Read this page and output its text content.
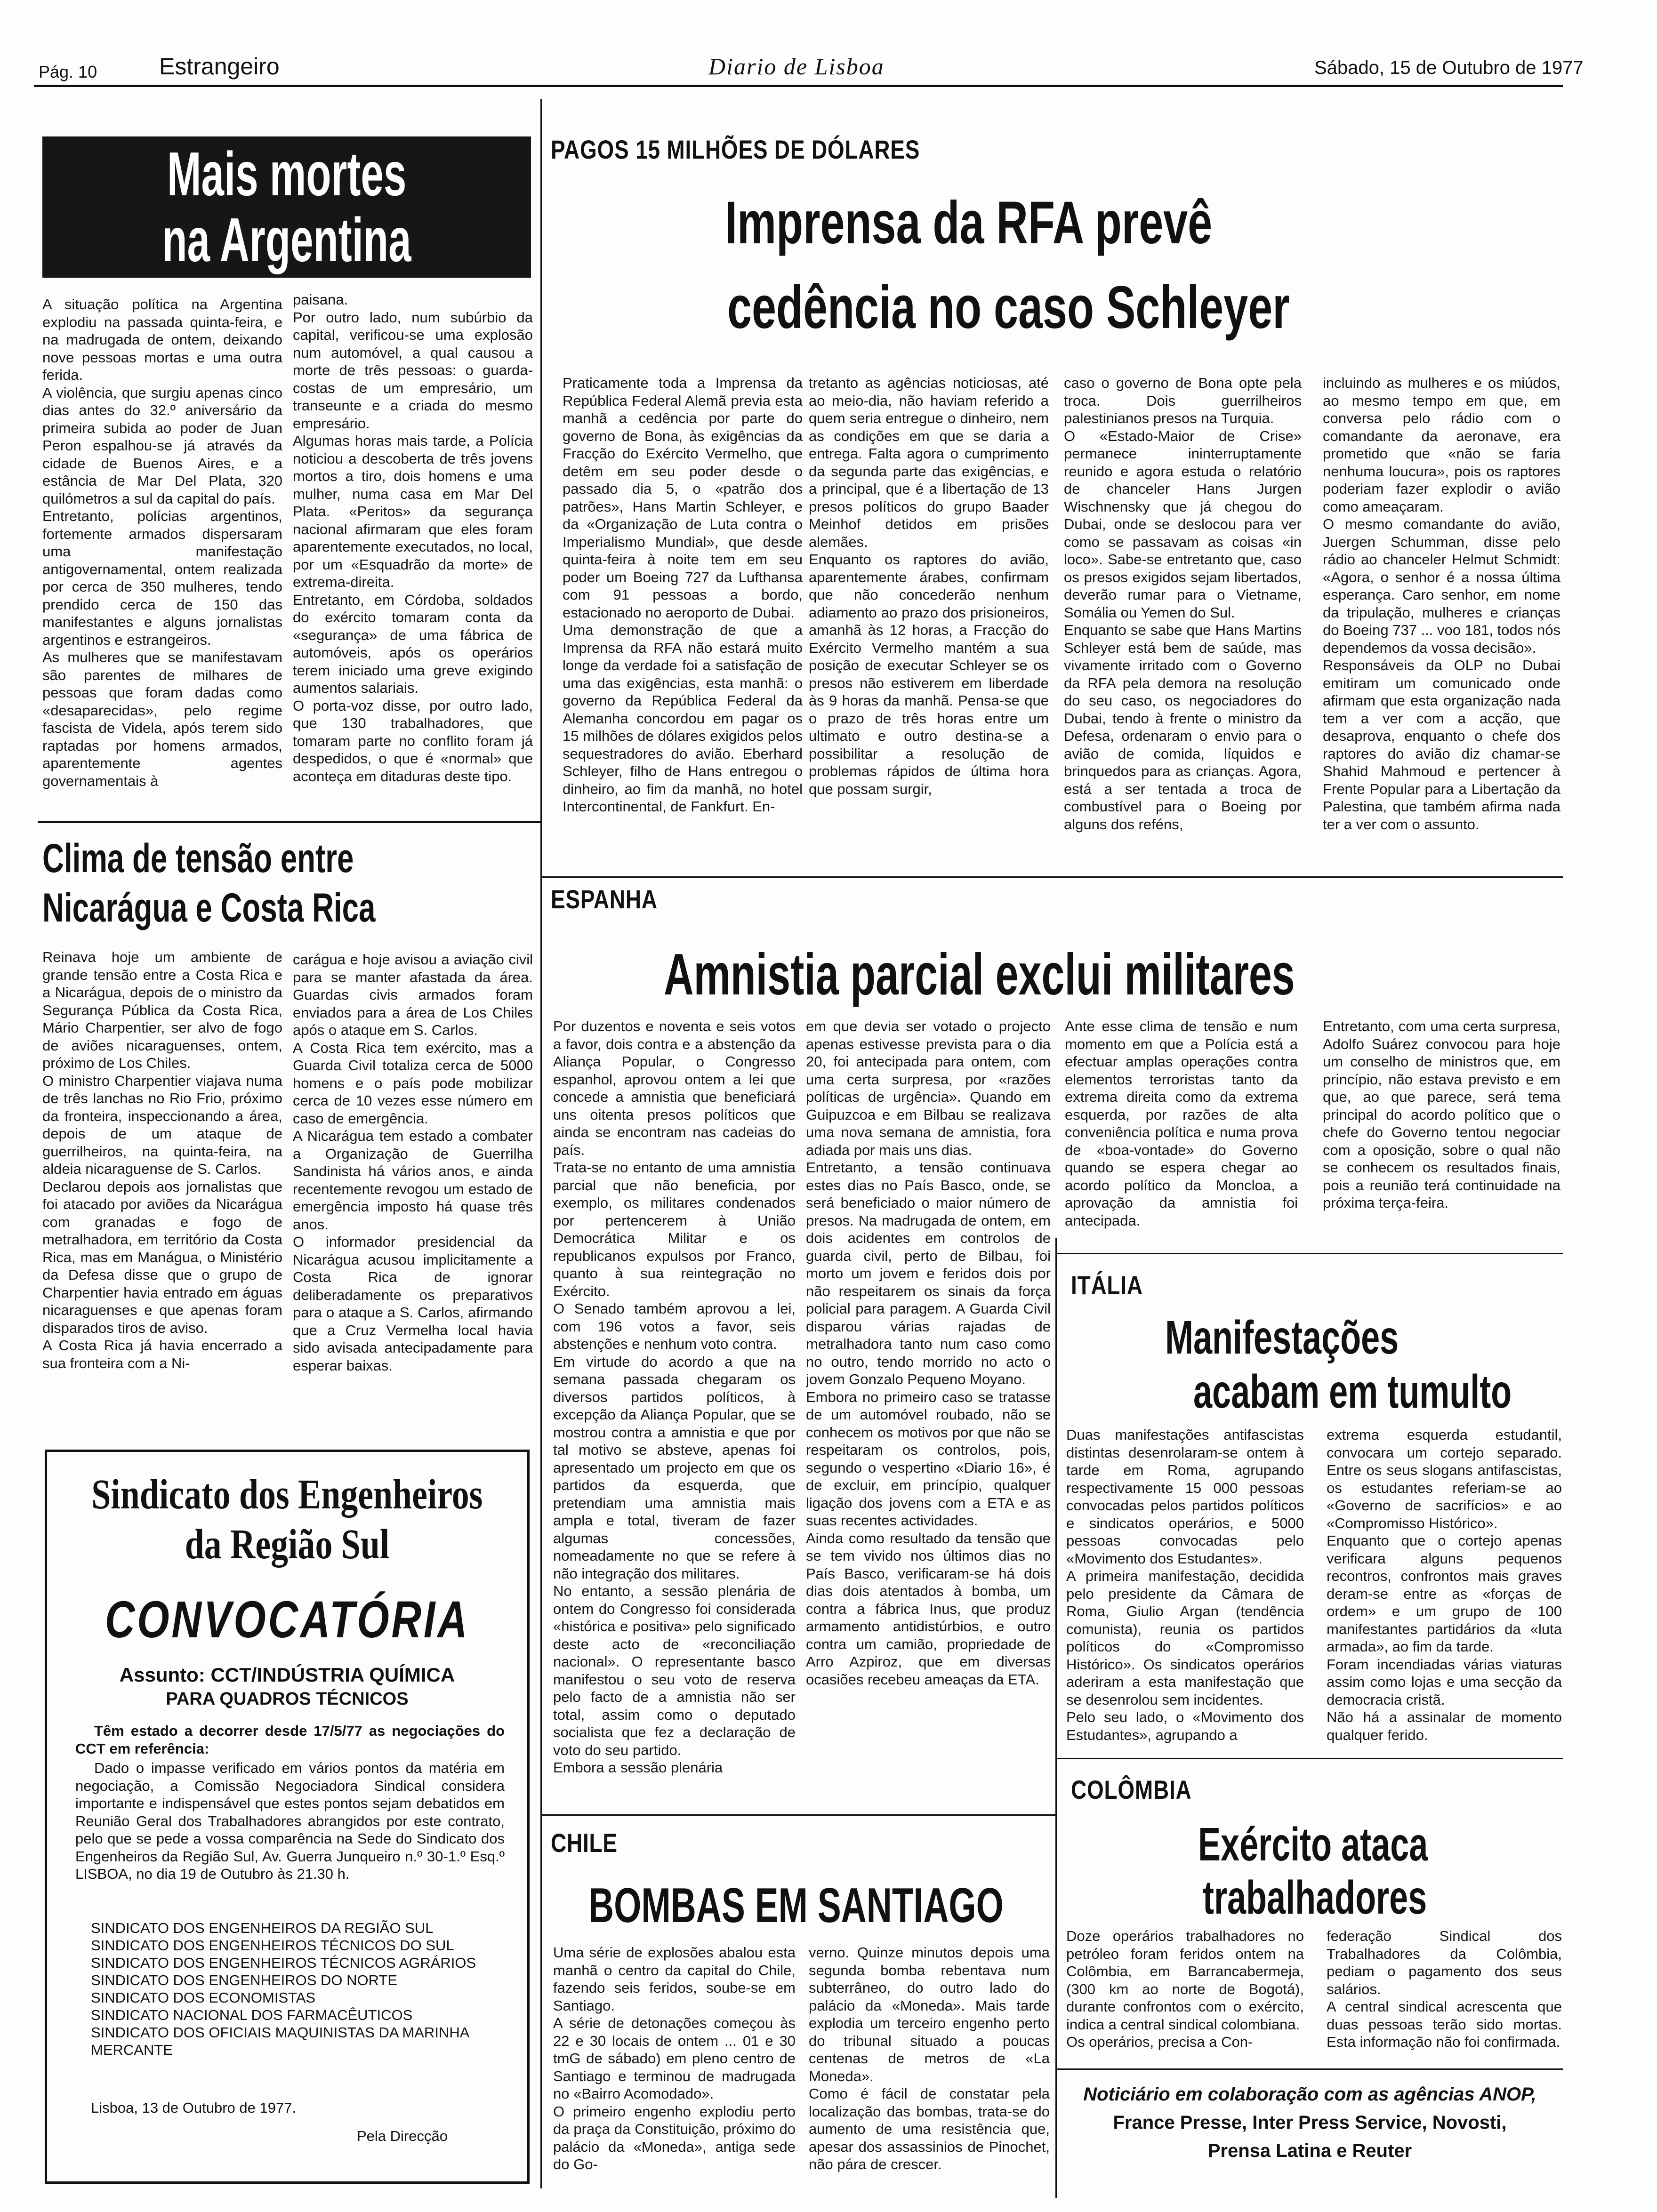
Pág. 10	Estrangeiro	Diario de Lisboa	Sábado, 15 de Outubro de 1977
Mais mortes
na Argentina
A situação política na Argentina explodiu na passada quinta-feira, e na madrugada de ontem, deixando nove pessoas mortas e uma outra ferida.
A violência, que surgiu apenas cinco dias antes do 32.º aniversário da primeira subida ao poder de Juan Peron espalhou-se já através da cidade de Buenos Aires, e a estância de Mar Del Plata, 320 quilómetros a sul da capital do país.
Entretanto, polícias argentinos, fortemente armados dispersaram uma manifestação antigovernamental, ontem realizada por cerca de 350 mulheres, tendo prendido cerca de 150 das manifestantes e alguns jornalistas argentinos e estrangeiros.
As mulheres que se manifestavam são parentes de milhares de pessoas que foram dadas como «desaparecidas», pelo regime fascista de Videla, após terem sido raptadas por homens armados, aparentemente agentes governamentais à
paisana.
Por outro lado, num subúrbio da capital, verificou-se uma explosão num automóvel, a qual causou a morte de três pessoas: o guarda-costas de um empresário, um transeunte e a criada do mesmo empresário.
Algumas horas mais tarde, a Polícia noticiou a descoberta de três jovens mortos a tiro, dois homens e uma mulher, numa casa em Mar Del Plata. «Peritos» da segurança nacional afirmaram que eles foram aparentemente executados, no local, por um «Esquadrão da morte» de extrema-direita.
Entretanto, em Córdoba, soldados do exército tomaram conta da «segurança» de uma fábrica de automóveis, após os operários terem iniciado uma greve exigindo aumentos salariais.
O porta-voz disse, por outro lado, que 130 trabalhadores, que tomaram parte no conflito foram já despedidos, o que é «normal» que aconteça em ditaduras deste tipo.
PAGOS 15 MILHÕES DE DÓLARES
Imprensa da RFA prevê
cedência no caso Schleyer
Praticamente toda a Imprensa da República Federal Alemã previa esta manhã a cedência por parte do governo de Bona, às exigências da Fracção do Exército Vermelho, que detêm em seu poder desde o passado dia 5, o «patrão dos patrões», Hans Martin Schleyer, e da «Organização de Luta contra o Imperialismo Mundial», que desde quinta-feira à noite tem em seu poder um Boeing 727 da Lufthansa com 91 pessoas a bordo, estacionado no aeroporto de Dubai.
Uma demonstração de que a Imprensa da RFA não estará muito longe da verdade foi a satisfação de uma das exigências, esta manhã: o governo da República Federal da Alemanha concordou em pagar os 15 milhões de dólares exigidos pelos sequestradores do avião. Eberhard Schleyer, filho de Hans entregou o dinheiro, ao fim da manhã, no hotel Intercontinental, de Fankfurt. En-
tretanto as agências noticiosas, até ao meio-dia, não haviam referido a quem seria entregue o dinheiro, nem as condições em que se daria a entrega. Falta agora o cumprimento da segunda parte das exigências, e a principal, que é a libertação de 13 presos políticos do grupo Baader Meinhof detidos em prisões alemães.
Enquanto os raptores do avião, aparentemente árabes, confirmam que não concederão nenhum adiamento ao prazo dos prisioneiros, amanhã às 12 horas, a Fracção do Exército Vermelho mantém a sua posição de executar Schleyer se os presos não estiverem em liberdade às 9 horas da manhã. Pensa-se que o prazo de três horas entre um ultimato e outro destina-se a possibilitar a resolução de problemas rápidos de última hora que possam surgir,
caso o governo de Bona opte pela troca. Dois guerrilheiros palestinianos presos na Turquia.
O «Estado-Maior de Crise» permanece ininterruptamente reunido e agora estuda o relatório de chanceler Hans Jurgen Wischnensky que já chegou do Dubai, onde se deslocou para ver como se passavam as coisas «in loco». Sabe-se entretanto que, caso os presos exigidos sejam libertados, deverão rumar para o Vietname, Somália ou Yemen do Sul.
Enquanto se sabe que Hans Martins Schleyer está bem de saúde, mas vivamente irritado com o Governo da RFA pela demora na resolução do seu caso, os negociadores do Dubai, tendo à frente o ministro da Defesa, ordenaram o envio para o avião de comida, líquidos e brinquedos para as crianças. Agora, está a ser tentada a troca de combustível para o Boeing por alguns dos reféns,
incluindo as mulheres e os miúdos, ao mesmo tempo em que, em conversa pelo rádio com o comandante da aeronave, era prometido que «não se faria nenhuma loucura», pois os raptores poderiam fazer explodir o avião como ameaçaram.
O mesmo comandante do avião, Juergen Schumman, disse pelo rádio ao chanceler Helmut Schmidt: «Agora, o senhor é a nossa última esperança. Caro senhor, em nome da tripulação, mulheres e crianças do Boeing 737 ... voo 181, todos nós dependemos da vossa decisão».
Responsáveis da OLP no Dubai emitiram um comunicado onde afirmam que esta organização nada tem a ver com a acção, que desaprova, enquanto o chefe dos raptores do avião diz chamar-se Shahid Mahmoud e pertencer à Frente Popular para a Libertação da Palestina, que também afirma nada ter a ver com o assunto.
Clima de tensão entre
Nicarágua e Costa Rica
Reinava hoje um ambiente de grande tensão entre a Costa Rica e a Nicarágua, depois de o ministro da Segurança Pública da Costa Rica, Mário Charpentier, ser alvo de fogo de aviões nicaraguenses, ontem, próximo de Los Chiles.
O ministro Charpentier viajava numa de três lanchas no Rio Frio, próximo da fronteira, inspeccionando a área, depois de um ataque de guerrilheiros, na quinta-feira, na aldeia nicaraguense de S. Carlos.
Declarou depois aos jornalistas que foi atacado por aviões da Nicarágua com granadas e fogo de metralhadora, em território da Costa Rica, mas em Manágua, o Ministério da Defesa disse que o grupo de Charpentier havia entrado em águas nicaraguenses e que apenas foram disparados tiros de aviso.
A Costa Rica já havia encerrado a sua fronteira com a Ni-
carágua e hoje avisou a aviação civil para se manter afastada da área. Guardas civis armados foram enviados para a área de Los Chiles após o ataque em S. Carlos.
A Costa Rica tem exército, mas a Guarda Civil totaliza cerca de 5000 homens e o país pode mobilizar cerca de 10 vezes esse número em caso de emergência.
A Nicarágua tem estado a combater a Organização de Guerrilha Sandinista há vários anos, e ainda recentemente revogou um estado de emergência imposto há quase três anos.
O informador presidencial da Nicarágua acusou implicitamente a Costa Rica de ignorar deliberadamente os preparativos para o ataque a S. Carlos, afirmando que a Cruz Vermelha local havia sido avisada antecipadamente para esperar baixas.
ESPANHA
Amnistia parcial exclui militares
Por duzentos e noventa e seis votos a favor, dois contra e a abstenção da Aliança Popular, o Congresso espanhol, aprovou ontem a lei que concede a amnistia que beneficiará uns oitenta presos políticos que ainda se encontram nas cadeias do país.
Trata-se no entanto de uma amnistia parcial que não beneficia, por exemplo, os militares condenados por pertencerem à União Democrática Militar e os republicanos expulsos por Franco, quanto à sua reintegração no Exército.
O Senado também aprovou a lei, com 196 votos a favor, seis abstenções e nenhum voto contra.
Em virtude do acordo a que na semana passada chegaram os diversos partidos políticos, à excepção da Aliança Popular, que se mostrou contra a amnistia e que por tal motivo se absteve, apenas foi apresentado um projecto em que os partidos da esquerda, que pretendiam uma amnistia mais ampla e total, tiveram de fazer algumas concessões, nomeadamente no que se refere à não integração dos militares.
No entanto, a sessão plenária de ontem do Congresso foi considerada «histórica e positiva» pelo significado deste acto de «reconciliação nacional». O representante basco manifestou o seu voto de reserva pelo facto de a amnistia não ser total, assim como o deputado socialista que fez a declaração de voto do seu partido.
Embora a sessão plenária
em que devia ser votado o projecto apenas estivesse prevista para o dia 20, foi antecipada para ontem, com uma certa surpresa, por «razões políticas de urgência». Quando em Guipuzcoa e em Bilbau se realizava uma nova semana de amnistia, fora adiada por mais uns dias.
Entretanto, a tensão continuava estes dias no País Basco, onde, se será beneficiado o maior número de presos. Na madrugada de ontem, em dois acidentes em controlos de guarda civil, perto de Bilbau, foi morto um jovem e feridos dois por não respeitarem os sinais da força policial para paragem. A Guarda Civil disparou várias rajadas de metralhadora tanto num caso como no outro, tendo morrido no acto o jovem Gonzalo Pequeno Moyano.
Embora no primeiro caso se tratasse de um automóvel roubado, não se conhecem os motivos por que não se respeitaram os controlos, pois, segundo o vespertino «Diario 16», é de excluir, em princípio, qualquer ligação dos jovens com a ETA e as suas recentes actividades.
Ainda como resultado da tensão que se tem vivido nos últimos dias no País Basco, verificaram-se há dois dias dois atentados à bomba, um contra a fábrica Inus, que produz armamento antidistúrbios, e outro contra um camião, propriedade de Arro Azpiroz, que em diversas ocasiões recebeu ameaças da ETA.
Ante esse clima de tensão e num momento em que a Polícia está a efectuar amplas operações contra elementos terroristas tanto da extrema direita como da extrema esquerda, por razões de alta conveniência política e numa prova de «boa-vontade» do Governo quando se espera chegar ao acordo político da Moncloa, a aprovação da amnistia foi antecipada.
Entretanto, com uma certa surpresa, Adolfo Suárez convocou para hoje um conselho de ministros que, em princípio, não estava previsto e em que, ao que parece, será tema principal do acordo político que o chefe do Governo tentou negociar com a oposição, sobre o qual não se conhecem os resultados finais, pois a reunião terá continuidade na próxima terça-feira.
Sindicato dos Engenheiros
da Região Sul
CONVOCATÓRIA
Assunto: CCT/INDÚSTRIA QUÍMICA
PARA QUADROS TÉCNICOS
Têm estado a decorrer desde 17/5/77 as negociações do CCT em referência:
Dado o impasse verificado em vários pontos da matéria em negociação, a Comissão Negociadora Sindical considera importante e indispensável que estes pontos sejam debatidos em Reunião Geral dos Trabalhadores abrangidos por este contrato, pelo que se pede a vossa comparência na Sede do Sindicato dos Engenheiros da Região Sul, Av. Guerra Junqueiro n.º 30-1.º Esq.º LISBOA, no dia 19 de Outubro às 21.30 h.
SINDICATO DOS ENGENHEIROS DA REGIÃO SUL
SINDICATO DOS ENGENHEIROS TÉCNICOS DO SUL
SINDICATO DOS ENGENHEIROS TÉCNICOS AGRÁRIOS
SINDICATO DOS ENGENHEIROS DO NORTE
SINDICATO DOS ECONOMISTAS
SINDICATO NACIONAL DOS FARMACÊUTICOS
SINDICATO DOS OFICIAIS MAQUINISTAS DA MARINHA MERCANTE
Lisboa, 13 de Outubro de 1977.
Pela Direcção
ITÁLIA
Manifestações
acabam em tumulto
Duas manifestações antifascistas distintas desenrolaram-se ontem à tarde em Roma, agrupando respectivamente 15 000 pessoas convocadas pelos partidos políticos e sindicatos operários, e 5000 pessoas convocadas pelo «Movimento dos Estudantes».
A primeira manifestação, decidida pelo presidente da Câmara de Roma, Giulio Argan (tendência comunista), reunia os partidos políticos do «Compromisso Histórico». Os sindicatos operários aderiram a esta manifestação que se desenrolou sem incidentes.
Pelo seu lado, o «Movimento dos Estudantes», agrupando a
extrema esquerda estudantil, convocara um cortejo separado. Entre os seus slogans antifascistas, os estudantes referiam-se ao «Governo de sacrifícios» e ao «Compromisso Histórico».
Enquanto que o cortejo apenas verificara alguns pequenos recontros, confrontos mais graves deram-se entre as «forças de ordem» e um grupo de 100 manifestantes partidários da «luta armada», ao fim da tarde.
Foram incendiadas várias viaturas assim como lojas e uma secção da democracia cristã.
Não há a assinalar de momento qualquer ferido.
CHILE
BOMBAS EM SANTIAGO
Uma série de explosões abalou esta manhã o centro da capital do Chile, fazendo seis feridos, soube-se em Santiago.
A série de detonações começou às 22 e 30 locais de ontem ... 01 e 30 tmG de sábado) em pleno centro de Santiago e terminou de madrugada no «Bairro Acomodado».
O primeiro engenho explodiu perto da praça da Constituição, próximo do palácio da «Moneda», antiga sede do Go-
verno. Quinze minutos depois uma segunda bomba rebentava num subterrâneo, do outro lado do palácio da «Moneda». Mais tarde explodia um terceiro engenho perto do tribunal situado a poucas centenas de metros de «La Moneda».
Como é fácil de constatar pela localização das bombas, trata-se do aumento de uma resistência que, apesar dos assassinios de Pinochet, não pára de crescer.
COLÔMBIA
Exército ataca
trabalhadores
Doze operários trabalhadores no petróleo foram feridos ontem na Colômbia, em Barrancabermeja, (300 km ao norte de Bogotá), durante confrontos com o exército, indica a central sindical colombiana.
Os operários, precisa a Con-
federação Sindical dos Trabalhadores da Colômbia, pediam o pagamento dos seus salários.
A central sindical acrescenta que duas pessoas terão sido mortas. Esta informação não foi confirmada.
Noticiário em colaboração com as agências ANOP,
France Presse, Inter Press Service, Novosti,
Prensa Latina e Reuter
